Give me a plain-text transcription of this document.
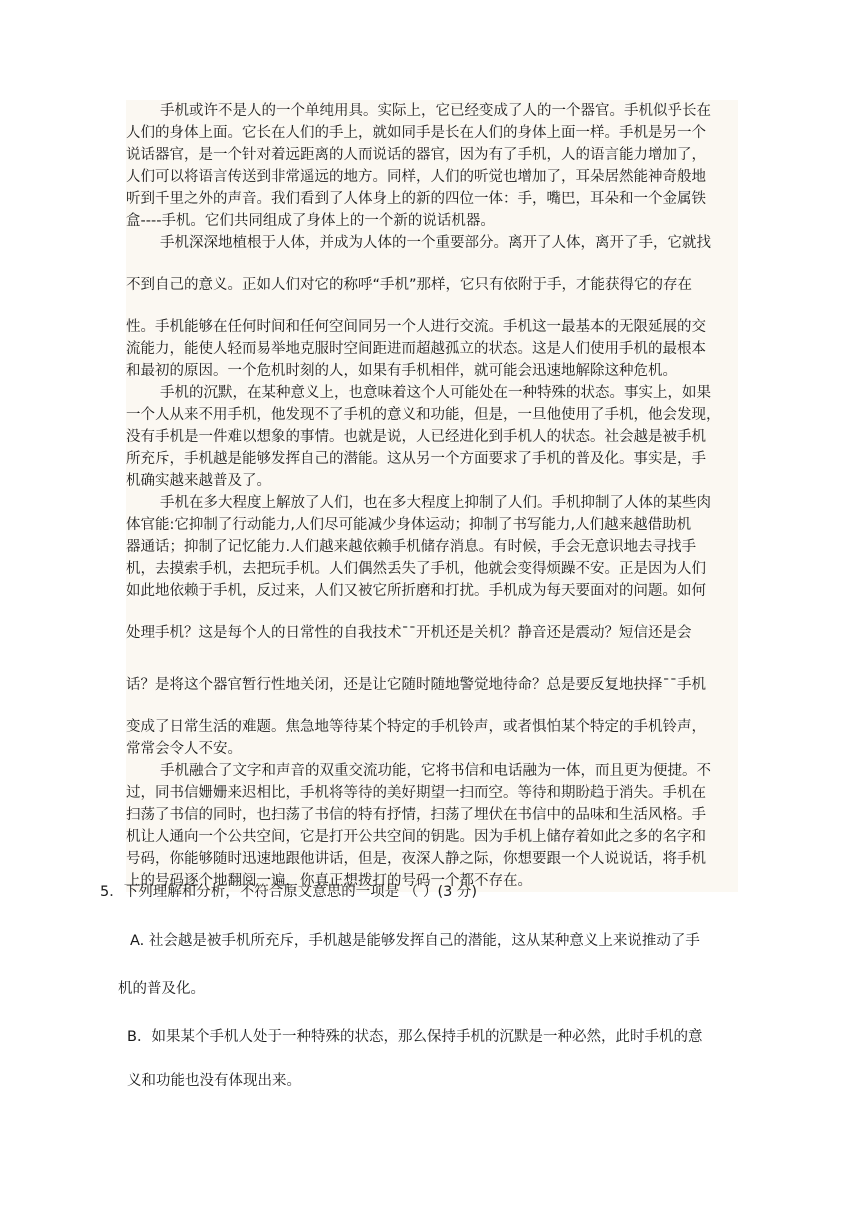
手机或许不是人的一个单纯用具。实际上，它已经变成了人的一个器官。手机似乎长在
人们的身体上面。它长在人们的手上，就如同手是长在人们的身体上面一样。手机是另一个
说话器官，是一个针对着远距离的人而说话的器官，因为有了手机，人的语言能力增加了，
人们可以将语言传送到非常遥远的地方。同样，人们的听觉也增加了，耳朵居然能神奇般地
听到千里之外的声音。我们看到了人体身上的新的四位一体：手，嘴巴，耳朵和一个金属铁
盒----手机。它们共同组成了身体上的一个新的说话机器。
手机深深地植根于人体，并成为人体的一个重要部分。离开了人体，离开了手，它就找
不到自己的意义。正如人们对它的称呼“手机”那样，它只有依附于手，才能获得它的存在
性。手机能够在任何时间和任何空间同另一个人进行交流。手机这一最基本的无限延展的交
流能力，能使人轻而易举地克服时空间距进而超越孤立的状态。这是人们使用手机的最根本
和最初的原因。一个危机时刻的人，如果有手机相伴，就可能会迅速地解除这种危机。
手机的沉默，在某种意义上，也意味着这个人可能处在一种特殊的状态。事实上，如果
一个人从来不用手机，他发现不了手机的意义和功能，但是，一旦他使用了手机，他会发现，
没有手机是一件难以想象的事情。也就是说，人已经进化到手机人的状态。社会越是被手机
所充斥，手机越是能够发挥自己的潜能。这从另一个方面要求了手机的普及化。事实是，手
机确实越来越普及了。
手机在多大程度上解放了人们，也在多大程度上抑制了人们。手机抑制了人体的某些肉
体官能:它抑制了行动能力,人们尽可能减少身体运动；抑制了书写能力,人们越来越借助机
器通话；抑制了记忆能力.人们越来越依赖手机储存消息。有时候，手会无意识地去寻找手
机，去摸索手机，去把玩手机。人们偶然丢失了手机，他就会变得烦躁不安。正是因为人们
如此地依赖于手机，反过来，人们又被它所折磨和打扰。手机成为每天要面对的问题。如何
处理手机？这是每个人的日常性的自我技术¯¯开机还是关机？静音还是震动？短信还是会
话？是将这个器官暂行性地关闭，还是让它随时随地警觉地待命？总是要反复地抉择¯¯手机
变成了日常生活的难题。焦急地等待某个特定的手机铃声，或者惧怕某个特定的手机铃声，
常常会令人不安。
手机融合了文字和声音的双重交流功能，它将书信和电话融为一体，而且更为便捷。不
过，同书信姗姗来迟相比，手机将等待的美好期望一扫而空。等待和期盼趋于消失。手机在
扫荡了书信的同时，也扫荡了书信的特有抒情，扫荡了埋伏在书信中的品味和生活风格。手
机让人通向一个公共空间，它是打开公共空间的钥匙。因为手机上储存着如此之多的名字和
号码，你能够随时迅速地跟他讲话，但是，夜深人静之际，你想要跟一个人说说话，将手机
上的号码逐个地翻阅一遍，你真正想拨打的号码一个都不存在。
5．下列理解和分析，不符合原文意思的一项是 （ ）(3 分)
A. 社会越是被手机所充斥，手机越是能够发挥自己的潜能，这从某种意义上来说推动了手
机的普及化。
B．如果某个手机人处于一种特殊的状态，那么保持手机的沉默是一种必然，此时手机的意
义和功能也没有体现出来。
